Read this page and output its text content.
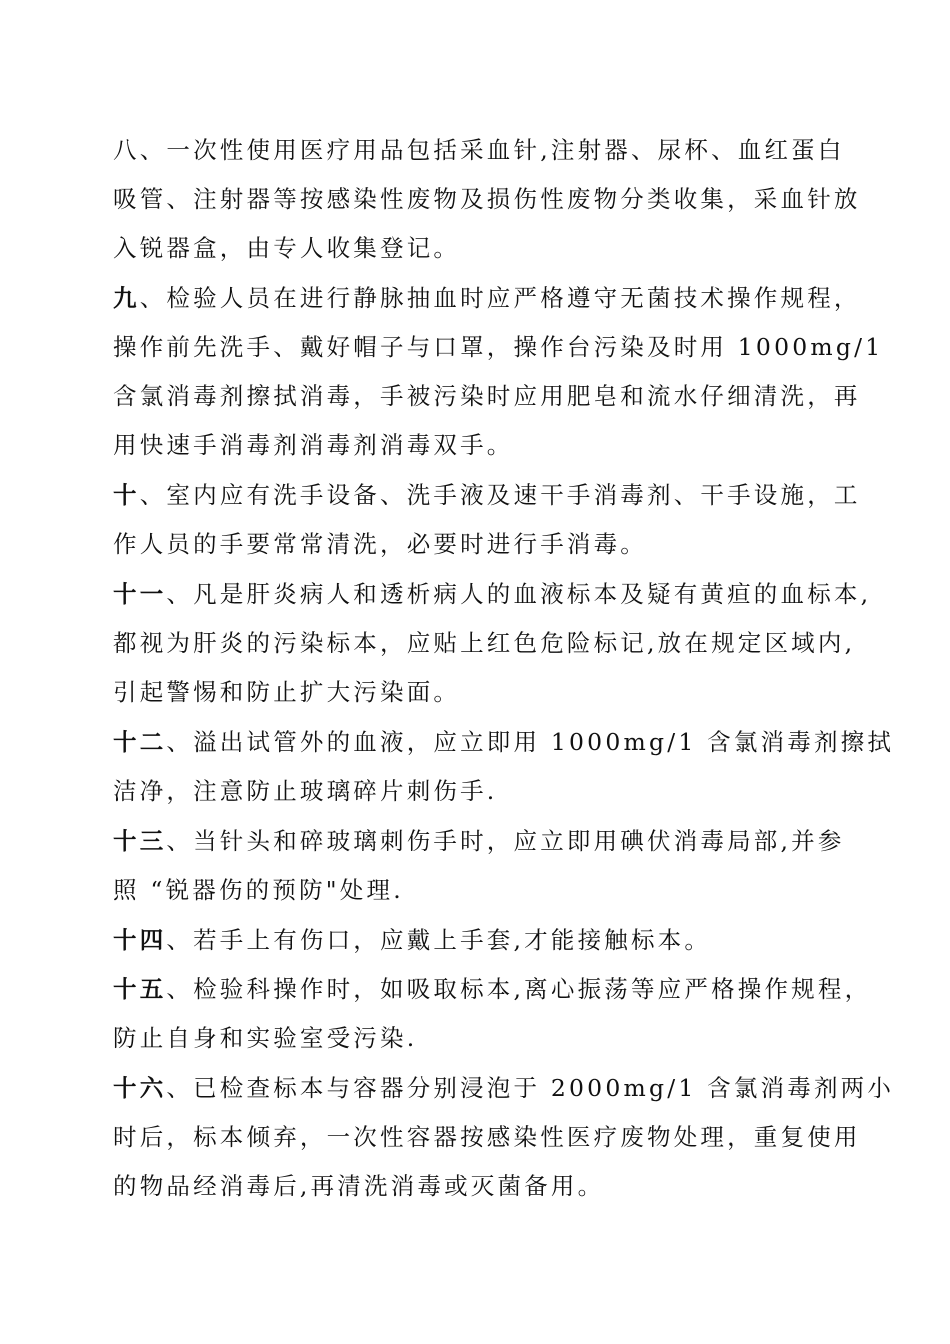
八、一次性使用医疗用品包括采血针,注射器、尿杯、血红蛋白
吸管、注射器等按感染性废物及损伤性废物分类收集，采血针放
入锐器盒，由专人收集登记。
九、检验人员在进行静脉抽血时应严格遵守无菌技术操作规程，
操作前先洗手、戴好帽子与口罩，操作台污染及时用 1000mg/1
含氯消毒剂擦拭消毒，手被污染时应用肥皂和流水仔细清洗，再
用快速手消毒剂消毒剂消毒双手。
十、室内应有洗手设备、洗手液及速干手消毒剂、干手设施，工
作人员的手要常常清洗，必要时进行手消毒。
十一、凡是肝炎病人和透析病人的血液标本及疑有黄疸的血标本,
都视为肝炎的污染标本，应贴上红色危险标记,放在规定区域内,
引起警惕和防止扩大污染面。
十二、溢出试管外的血液，应立即用 1000mg/1 含氯消毒剂擦拭
洁净，注意防止玻璃碎片刺伤手.
十三、当针头和碎玻璃刺伤手时，应立即用碘伏消毒局部,并参
照 “锐器伤的预防"处理.
十四、若手上有伤口，应戴上手套,才能接触标本。
十五、检验科操作时，如吸取标本,离心振荡等应严格操作规程，
防止自身和实验室受污染.
十六、已检查标本与容器分别浸泡于 2000mg/1 含氯消毒剂两小
时后，标本倾弃，一次性容器按感染性医疗废物处理，重复使用
的物品经消毒后,再清洗消毒或灭菌备用。
